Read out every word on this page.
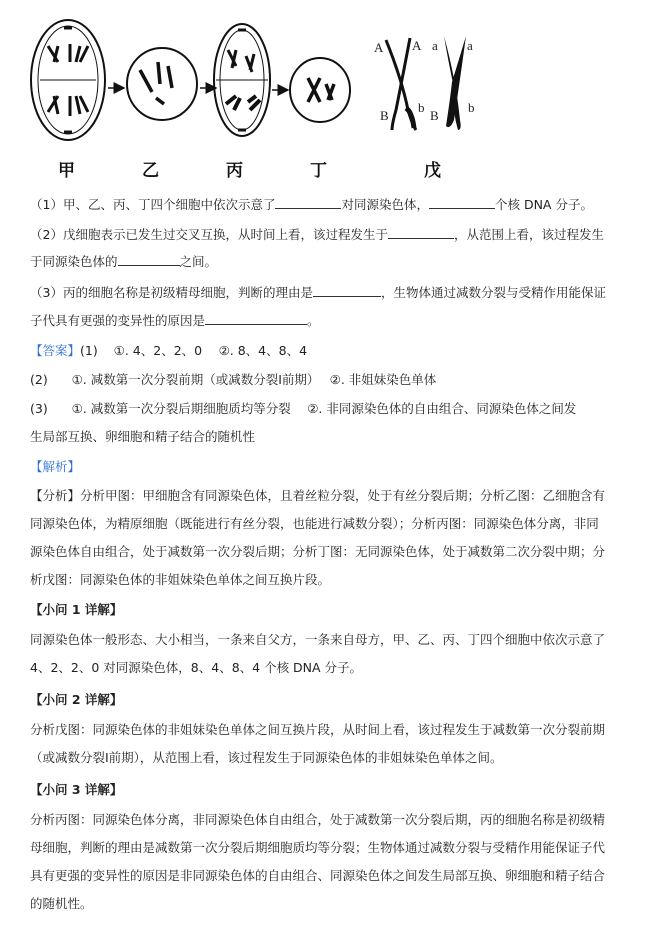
A A a a
B
b
B
b
甲	乙	丙	丁	戊
（1）甲、乙、丙、丁四个细胞中依次示意了	对同源染色体，	个核 DNA 分子。
（2）戊细胞表示已发生过交叉互换，从时间上看，该过程发生于	，从范围上看，该过程发生
于同源染色体的	之间。
（3）丙的细胞名称是初级精母细胞，判断的理由是	，生物体通过减数分裂与受精作用能保证
子代具有更强的变异性的原因是	。
【答案】(1) ①. 4、2、2、0　 ②. 8、4、8、4
(2) ①. 减数第一次分裂前期（或减数分裂Ⅰ前期）　 ②. 非姐妹染色单体
(3) ①. 减数第一次分裂后期细胞质均等分裂　 ②. 非同源染色体的自由组合、同源染色体之间发
生局部互换、卵细胞和精子结合的随机性
【解析】
【分析】分析甲图：甲细胞含有同源染色体，且着丝粒分裂，处于有丝分裂后期；分析乙图：乙细胞含有
同源染色体，为精原细胞（既能进行有丝分裂，也能进行减数分裂）；分析丙图：同源染色体分离，非同
源染色体自由组合，处于减数第一次分裂后期；分析丁图：无同源染色体，处于减数第二次分裂中期；分
析戊图：同源染色体的非姐妹染色单体之间互换片段。
【小问 1 详解】
同源染色体一般形态、大小相当，一条来自父方，一条来自母方，甲、乙、丙、丁四个细胞中依次示意了
4、2、2、0 对同源染色体，8、4、8、4 个核 DNA 分子。
【小问 2 详解】
分析戊图：同源染色体的非姐妹染色单体之间互换片段，从时间上看，该过程发生于减数第一次分裂前期
（或减数分裂Ⅰ前期），从范围上看，该过程发生于同源染色体的非姐妹染色单体之间。
【小问 3 详解】
分析丙图：同源染色体分离，非同源染色体自由组合，处于减数第一次分裂后期，丙的细胞名称是初级精
母细胞，判断的理由是减数第一次分裂后期细胞质均等分裂；生物体通过减数分裂与受精作用能保证子代
具有更强的变异性的原因是非同源染色体的自由组合、同源染色体之间发生局部互换、卵细胞和精子结合
的随机性。
